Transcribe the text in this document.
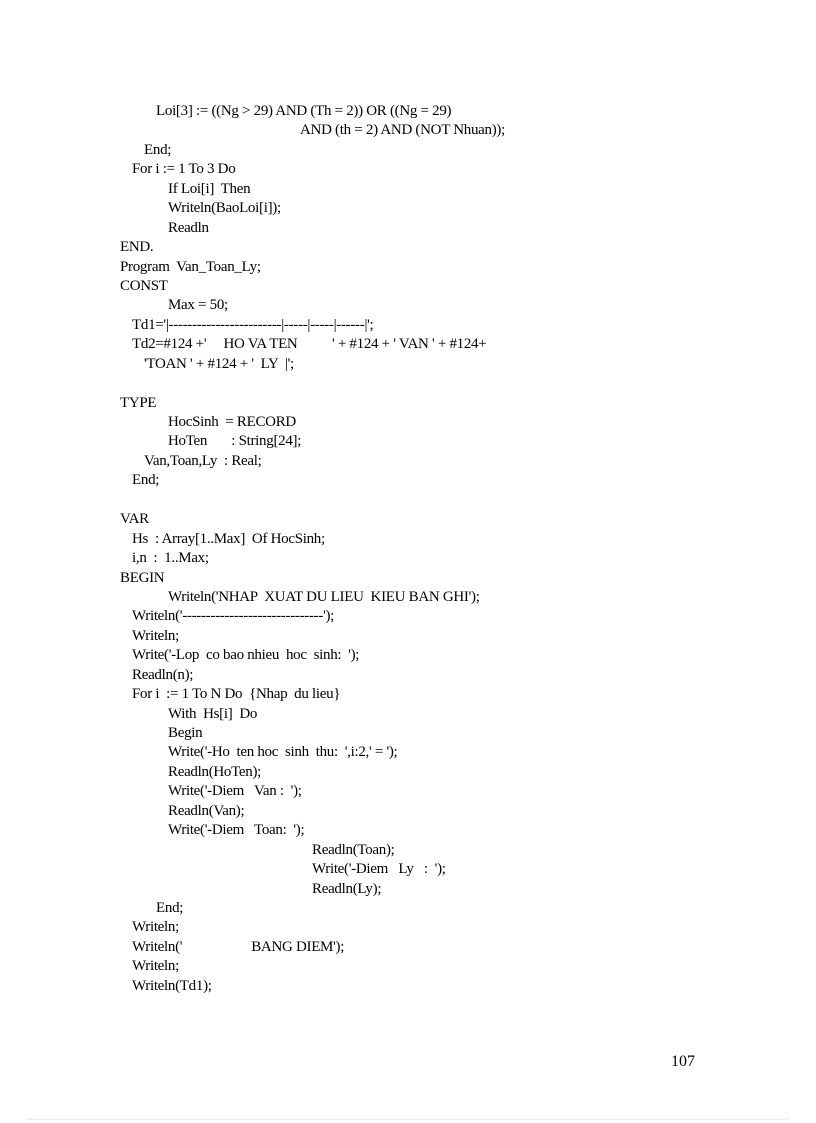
Loi[3] := ((Ng > 29) AND (Th = 2)) OR ((Ng = 29)
AND (th = 2) AND (NOT Nhuan));
End;
For i := 1 To 3 Do
If Loi[i]  Then
Writeln(BaoLoi[i]);
Readln
END.
Program  Van_Toan_Ly;
CONST
Max = 50;
Td1='|------------------------|-----|-----|------|';
Td2=#124 +'     HO VA TEN          ' + #124 + ' VAN ' + #124+
'TOAN ' + #124 + '  LY  |';
TYPE
HocSinh  = RECORD
HoTen       : String[24];
Van,Toan,Ly  : Real;
End;
VAR
Hs  : Array[1..Max]  Of HocSinh;
i,n  :  1..Max;
BEGIN
Writeln('NHAP  XUAT DU LIEU  KIEU BAN GHI');
Writeln('------------------------------');
Writeln;
Write('-Lop  co bao nhieu  hoc  sinh:  ');
Readln(n);
For i  := 1 To N Do  {Nhap  du lieu}
With  Hs[i]  Do
Begin
Write('-Ho  ten hoc  sinh  thu:  ',i:2,' = ');
Readln(HoTen);
Write('-Diem   Van :  ');
Readln(Van);
Write('-Diem   Toan:  ');
Readln(Toan);
Write('-Diem   Ly   :  ');
Readln(Ly);
End;
Writeln;
Writeln('                    BANG DIEM');
Writeln;
Writeln(Td1);
107
